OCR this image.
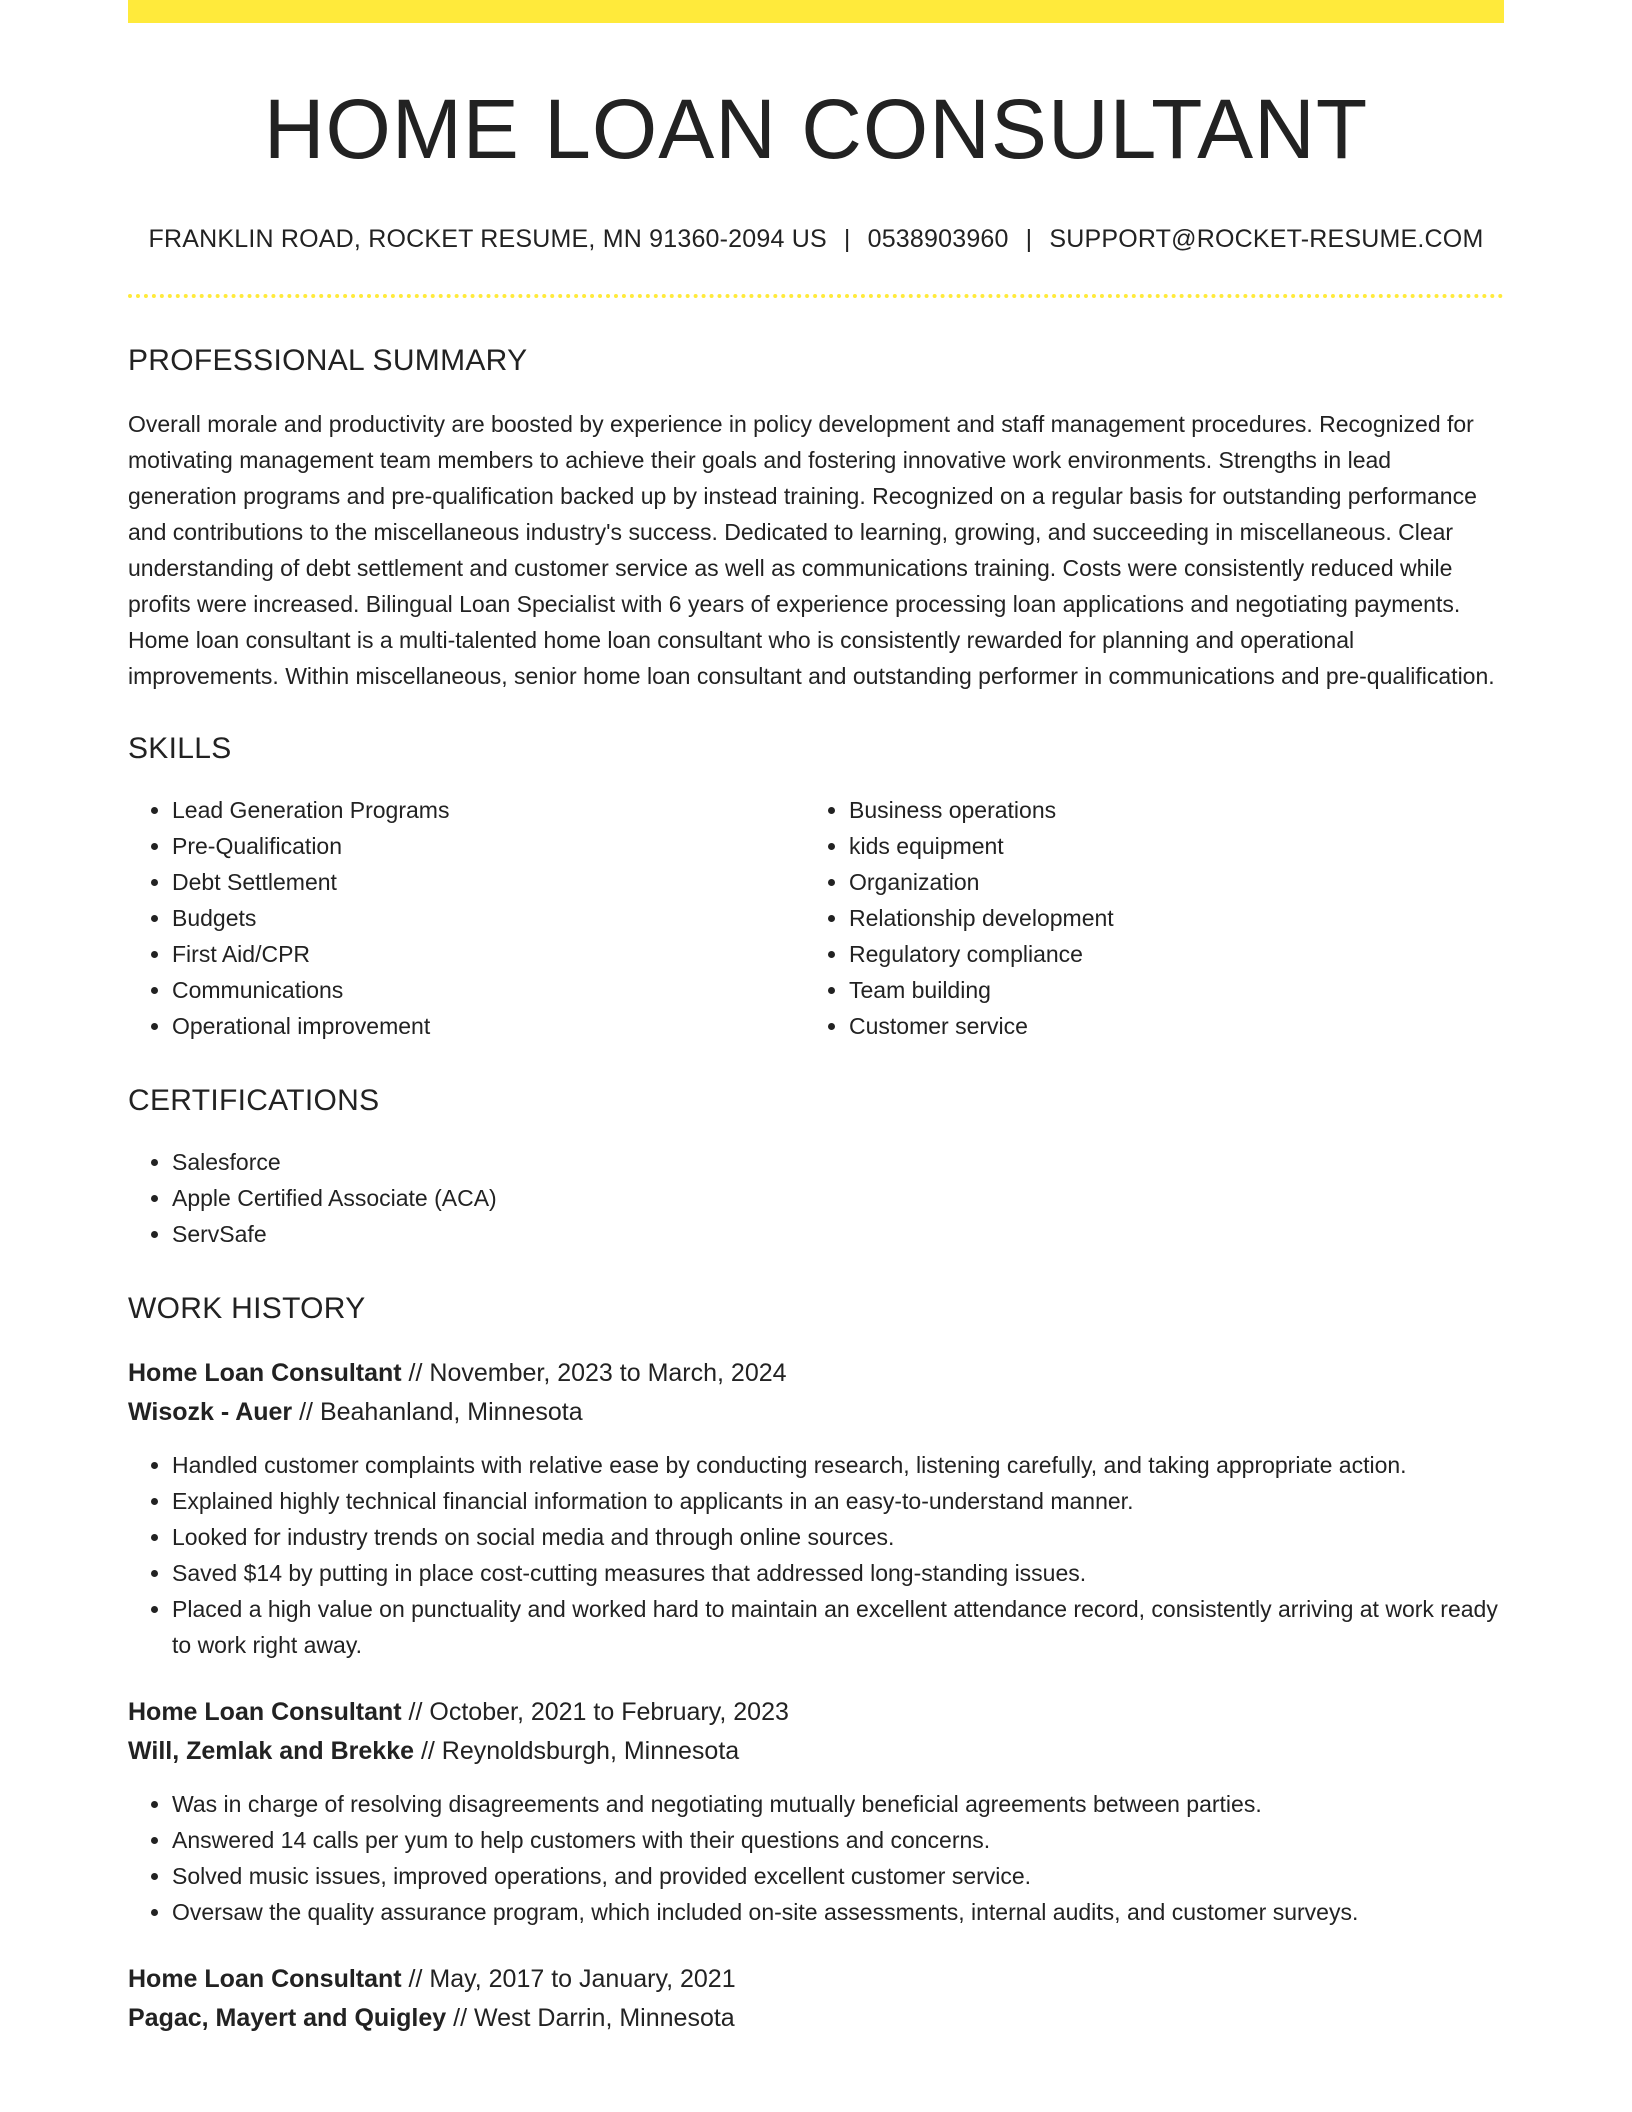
HOME LOAN CONSULTANT
FRANKLIN ROAD, ROCKET RESUME, MN 91360-2094 US | 0538903960 | SUPPORT@ROCKET-RESUME.COM
PROFESSIONAL SUMMARY
Overall morale and productivity are boosted by experience in policy development and staff management procedures. Recognized for motivating management team members to achieve their goals and fostering innovative work environments. Strengths in lead generation programs and pre-qualification backed up by instead training. Recognized on a regular basis for outstanding performance and contributions to the miscellaneous industry's success. Dedicated to learning, growing, and succeeding in miscellaneous. Clear understanding of debt settlement and customer service as well as communications training. Costs were consistently reduced while profits were increased. Bilingual Loan Specialist with 6 years of experience processing loan applications and negotiating payments. Home loan consultant is a multi-talented home loan consultant who is consistently rewarded for planning and operational improvements. Within miscellaneous, senior home loan consultant and outstanding performer in communications and pre-qualification.
SKILLS
• Lead Generation Programs
• Pre-Qualification
• Debt Settlement
• Budgets
• First Aid/CPR
• Communications
• Operational improvement
• Business operations
• kids equipment
• Organization
• Relationship development
• Regulatory compliance
• Team building
• Customer service
CERTIFICATIONS
• Salesforce
• Apple Certified Associate (ACA)
• ServSafe
WORK HISTORY
Home Loan Consultant // November, 2023 to March, 2024
Wisozk - Auer // Beahanland, Minnesota
• Handled customer complaints with relative ease by conducting research, listening carefully, and taking appropriate action.
• Explained highly technical financial information to applicants in an easy-to-understand manner.
• Looked for industry trends on social media and through online sources.
• Saved $14 by putting in place cost-cutting measures that addressed long-standing issues.
• Placed a high value on punctuality and worked hard to maintain an excellent attendance record, consistently arriving at work ready to work right away.
Home Loan Consultant // October, 2021 to February, 2023
Will, Zemlak and Brekke // Reynoldsburgh, Minnesota
• Was in charge of resolving disagreements and negotiating mutually beneficial agreements between parties.
• Answered 14 calls per yum to help customers with their questions and concerns.
• Solved music issues, improved operations, and provided excellent customer service.
• Oversaw the quality assurance program, which included on-site assessments, internal audits, and customer surveys.
Home Loan Consultant // May, 2017 to January, 2021
Pagac, Mayert and Quigley // West Darrin, Minnesota
